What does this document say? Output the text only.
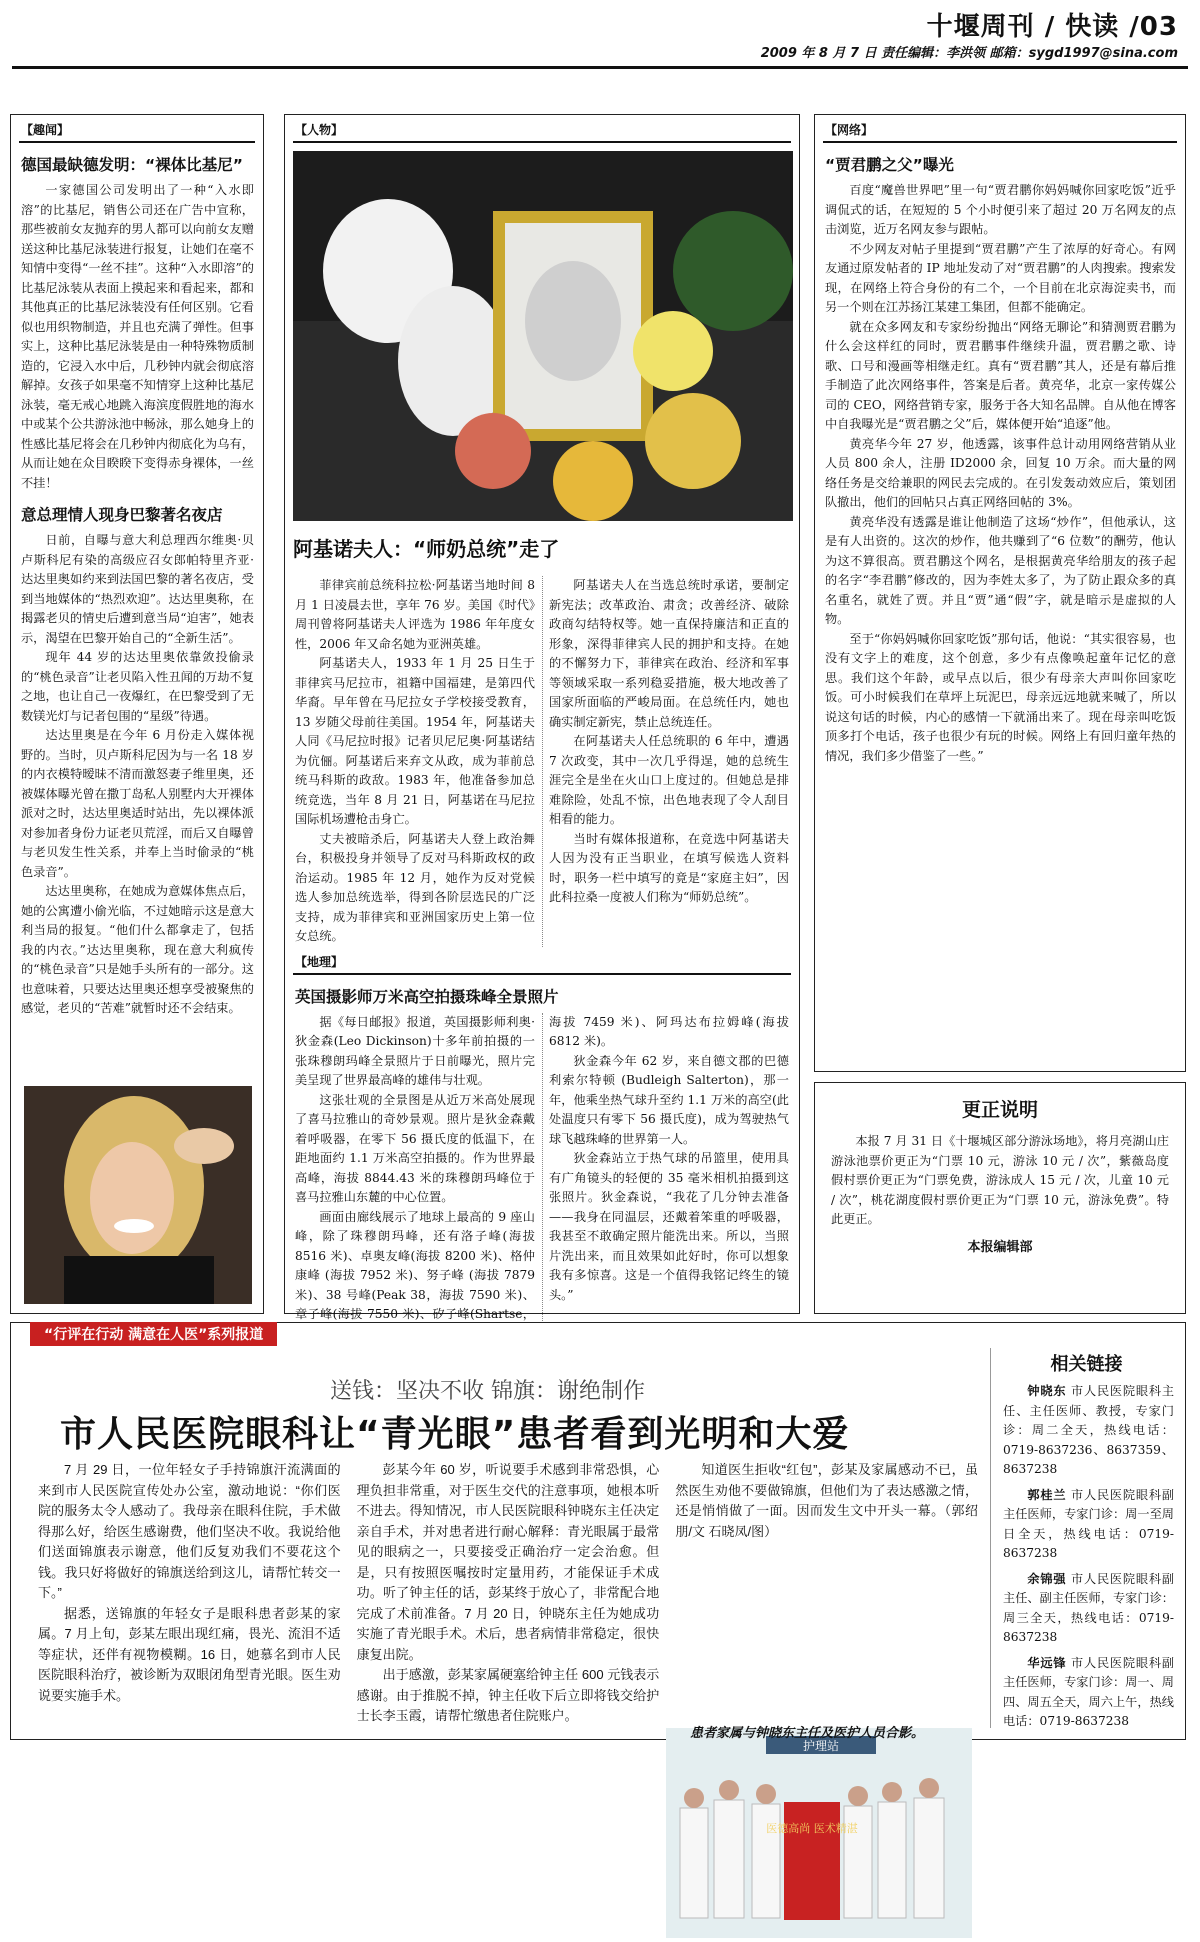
十堰周刊 / 快读 /03
2009 年 8 月 7 日 责任编辑：李洪领 邮箱：sygd1997@sina.com
【趣闻】
德国最缺德发明：“裸体比基尼”

一家德国公司发明出了一种“入水即溶”的比基尼，销售公司还在广告中宣称，那些被前女友抛弃的男人都可以向前女友赠送这种比基尼泳装进行报复，让她们在毫不知情中变得“一丝不挂”。这种“入水即溶”的比基尼泳装从表面上摸起来和看起来，都和其他真正的比基尼泳装没有任何区别。它看似也用织物制造，并且也充满了弹性。但事实上，这种比基尼泳装是由一种特殊物质制造的，它浸入水中后，几秒钟内就会彻底溶解掉。女孩子如果毫不知情穿上这种比基尼泳装，毫无戒心地跳入海滨度假胜地的海水中或某个公共游泳池中畅泳，那么她身上的性感比基尼将会在几秒钟内彻底化为乌有，从而让她在众目睽睽下变得赤身裸体，一丝不挂！

意总理情人现身巴黎著名夜店

日前，自曝与意大利总理西尔维奥·贝卢斯科尼有染的高级应召女郎帕特里齐亚·达达里奥如约来到法国巴黎的著名夜店，受到当地媒体的“热烈欢迎”。达达里奥称，在揭露老贝的情史后遭到意当局“迫害”，她表示，渴望在巴黎开始自己的“全新生活”。

现年 44 岁的达达里奥依靠敛投偷录的“桃色录音”让老贝陷入性丑闻的万劫不复之地，也让自己一夜爆红，在巴黎受到了无数镁光灯与记者包围的“星级”待遇。

达达里奥是在今年 6 月份走入媒体视野的。当时，贝卢斯科尼因为与一名 18 岁的内衣模特暧昧不清而激怒妻子维里奥，还被媒体曝光曾在撒丁岛私人别墅内大开裸体派对之时，达达里奥适时站出，先以裸体派对参加者身份力证老贝荒淫，而后又自曝曾与老贝发生性关系，并奉上当时偷录的“桃色录音”。

达达里奥称，在她成为意媒体焦点后，她的公寓遭小偷光临，不过她暗示这是意大利当局的报复。“他们什么都拿走了，包括我的内衣。”达达里奥称，现在意大利疯传的“桃色录音”只是她手头所有的一部分。这也意味着，只要达达里奥还想享受被聚焦的感觉，老贝的“苦难”就暂时还不会结束。

【人物】
阿基诺夫人：“师奶总统”走了

菲律宾前总统科拉松·阿基诺当地时间 8 月 1 日凌晨去世，享年 76 岁。美国《时代》周刊曾将阿基诺夫人评选为 1986 年年度女性，2006 年又命名她为亚洲英雄。

阿基诺夫人，1933 年 1 月 25 日生于菲律宾马尼拉市，祖籍中国福建，是第四代华裔。早年曾在马尼拉女子学校接受教育，13 岁随父母前往美国。1954 年，阿基诺夫人同《马尼拉时报》记者贝尼尼奥·阿基诺结为伉俪。阿基诺后来弃文从政，成为菲前总统马科斯的政敌。1983 年，他准备参加总统竞选，当年 8 月 21 日，阿基诺在马尼拉国际机场遭枪击身亡。

丈夫被暗杀后，阿基诺夫人登上政治舞台，积极投身并领导了反对马科斯政权的政治运动。1985 年 12 月，她作为反对党候选人参加总统选举，得到各阶层选民的广泛支持，成为菲律宾和亚洲国家历史上第一位女总统。

阿基诺夫人在当选总统时承诺，要制定新宪法；改革政治、肃贪；改善经济、破除政商勾结特权等。她一直保持廉洁和正直的形象，深得菲律宾人民的拥护和支持。在她的不懈努力下，菲律宾在政治、经济和军事等领域采取一系列稳妥措施，极大地改善了国家所面临的严峻局面。在总统任内，她也确实制定新宪，禁止总统连任。

在阿基诺夫人任总统职的 6 年中，遭遇 7 次政变，其中一次几乎得逞，她的总统生涯完全是坐在火山口上度过的。但她总是排难除险，处乱不惊，出色地表现了令人刮目相看的能力。

当时有媒体报道称，在竞选中阿基诺夫人因为没有正当职业，在填写候选人资料时，职务一栏中填写的竟是“家庭主妇”，因此科拉桑一度被人们称为“师奶总统”。

【地理】
英国摄影师万米高空拍摄珠峰全景照片

据《每日邮报》报道，英国摄影师利奥·狄金森(Leo Dickinson)十多年前拍摄的一张珠穆朗玛峰全景照片于日前曝光，照片完美呈现了世界最高峰的雄伟与壮观。

这张壮观的全景图是从近万米高处展现了喜马拉雅山的奇妙景观。照片是狄金森戴着呼吸器，在零下 56 摄氏度的低温下，在距地面约 1.1 万米高空拍摄的。作为世界最高峰，海拔 8844.43 米的珠穆朗玛峰位于喜马拉雅山东麓的中心位置。

画面由廊线展示了地球上最高的 9 座山峰，除了珠穆朗玛峰，还有洛子峰(海拔 8516 米)、卓奥友峰(海拔 8200 米)、格仲康峰 (海拔 7952 米)、努子峰 (海拔 7879 米)、38 号峰(Peak 38，海拔 7590 米)、章子峰(海拔 7550 米)、矽子峰(Shartse，海拔 7459 米)、阿玛达布拉姆峰(海拔 6812 米)。

狄金森今年 62 岁，来自德文郡的巴德利索尔特顿 (Budleigh Salterton)，那一年，他乘坐热气球升至约 1.1 万米的高空(此处温度只有零下 56 摄氏度)，成为驾驶热气球飞越珠峰的世界第一人。

狄金森站立于热气球的吊篮里，使用具有广角镜头的轻便的 35 毫米相机拍摄到这张照片。狄金森说，“我花了几分钟去准备——我身在同温层，还戴着笨重的呼吸器，我甚至不敢确定照片能洗出来。所以，当照片洗出来，而且效果如此好时，你可以想象我有多惊喜。这是一个值得我铭记终生的镜头。”

【网络】
“贾君鹏之父”曝光

百度“魔兽世界吧”里一句“贾君鹏你妈妈喊你回家吃饭”近乎调侃式的话，在短短的 5 个小时便引来了超过 20 万名网友的点击浏览，近万名网友参与跟帖。

不少网友对帖子里提到“贾君鹏”产生了浓厚的好奇心。有网友通过原发帖者的 IP 地址发动了对“贾君鹏”的人肉搜索。搜索发现，在网络上符合身份的有二个，一个目前在北京海淀卖书，而另一个则在江苏扬江某建工集团，但都不能确定。

就在众多网友和专家纷纷抛出“网络无聊论”和猜测贾君鹏为什么会这样红的同时，贾君鹏事件继续升温，贾君鹏之歌、诗歌、口号和漫画等相继走红。真有“贾君鹏”其人，还是有幕后推手制造了此次网络事件，答案是后者。黄亮华，北京一家传媒公司的 CEO，网络营销专家，服务于各大知名品牌。自从他在博客中自我曝光是“贾君鹏之父”后，媒体便开始“追逐”他。

黄亮华今年 27 岁，他透露，该事件总计动用网络营销从业人员 800 余人，注册 ID2000 余，回复 10 万余。而大量的网络任务是交给兼职的网民去完成的。在引发轰动效应后，策划团队撤出，他们的回帖只占真正网络回帖的 3%。

黄亮华没有透露是谁让他制造了这场“炒作”，但他承认，这是有人出资的。这次的炒作，他共赚到了“6 位数”的酬劳，他认为这不算很高。贾君鹏这个网名，是根据黄亮华给朋友的孩子起的名字“李君鹏”修改的，因为李姓太多了，为了防止跟众多的真名重名，就姓了贾。并且“贾”通“假”字，就是暗示是虚拟的人物。

至于“你妈妈喊你回家吃饭”那句话，他说：“其实很容易，也没有文字上的难度，这个创意，多少有点像唤起童年记忆的意思。我们这个年龄，或早点以后，很少有母亲大声叫你回家吃饭。可小时候我们在草坪上玩泥巴，母亲远远地就来喊了，所以说这句话的时候，内心的感情一下就涌出来了。现在母亲叫吃饭顶多打个电话，孩子也很少有玩的时候。网络上有回归童年热的情况，我们多少借鉴了一些。”

更正说明

本报 7 月 31 日《十堰城区部分游泳场地》，将月亮湖山庄游泳池票价更正为“门票 10 元，游泳 10 元 / 次”，紫薇岛度假村票价更正为“门票免费，游泳成人 15 元 / 次，儿童 10 元 / 次”，桃花湖度假村票价更正为“门票 10 元，游泳免费”。特此更正。

本报编辑部
“行评在行动 满意在人医”系列报道
送钱：坚决不收 锦旗：谢绝制作
市人民医院眼科让“青光眼”患者看到光明和大爱

7 月 29 日，一位年轻女子手持锦旗汗流满面的来到市人民医院宣传处办公室，激动地说：“你们医院的服务太令人感动了。我母亲在眼科住院，手术做得那么好，给医生感谢费，他们坚决不收。我说给他们送面锦旗表示谢意，他们反复劝我们不要花这个钱。我只好将做好的锦旗送给到这儿，请帮忙转交一下。”

据悉，送锦旗的年轻女子是眼科患者彭某的家属。7 月上旬，彭某左眼出现红痛，畏光、流泪不适等症状，还伴有视物模糊。16 日，她慕名到市人民医院眼科治疗，被诊断为双眼闭角型青光眼。医生劝说要实施手术。

彭某今年 60 岁，听说要手术感到非常恐惧，心理负担非常重，对于医生交代的注意事项，她根本听不进去。得知情况，市人民医院眼科钟晓东主任决定亲自手术，并对患者进行耐心解释：青光眼属于最常见的眼病之一，只要接受正确治疗一定会治愈。但是，只有按照医嘱按时定量用药，才能保证手术成功。听了钟主任的话，彭某终于放心了，非常配合地完成了术前准备。7 月 20 日，钟晓东主任为她成功实施了青光眼手术。术后，患者病情非常稳定，很快康复出院。

出于感激，彭某家属硬塞给钟主任 600 元钱表示感谢。由于推脱不掉，钟主任收下后立即将钱交给护士长李玉霞，请帮忙缴患者住院账户。

知道医生拒收“红包”，彭某及家属感动不已，虽然医生劝他不要做锦旗，但他们为了表达感激之情，还是悄悄做了一面。因而发生文中开头一幕。（郭绍朋/文 石晓凤/图）

护理站
医德高尚 医术精湛
患者家属与钟晓东主任及医护人员合影。
相关链接
钟晓东 市人民医院眼科主任、主任医师、教授，专家门诊：周二全天，热线电话：0719-8637236、8637359、8637238
郭桂兰 市人民医院眼科副主任医师，专家门诊：周一至周日全天，热线电话：0719-8637238
余锦强 市人民医院眼科副主任、副主任医师，专家门诊：周三全天，热线电话：0719-8637238
华远锋 市人民医院眼科副主任医师，专家门诊：周一、周四、周五全天，周六上午，热线电话：0719-8637238
